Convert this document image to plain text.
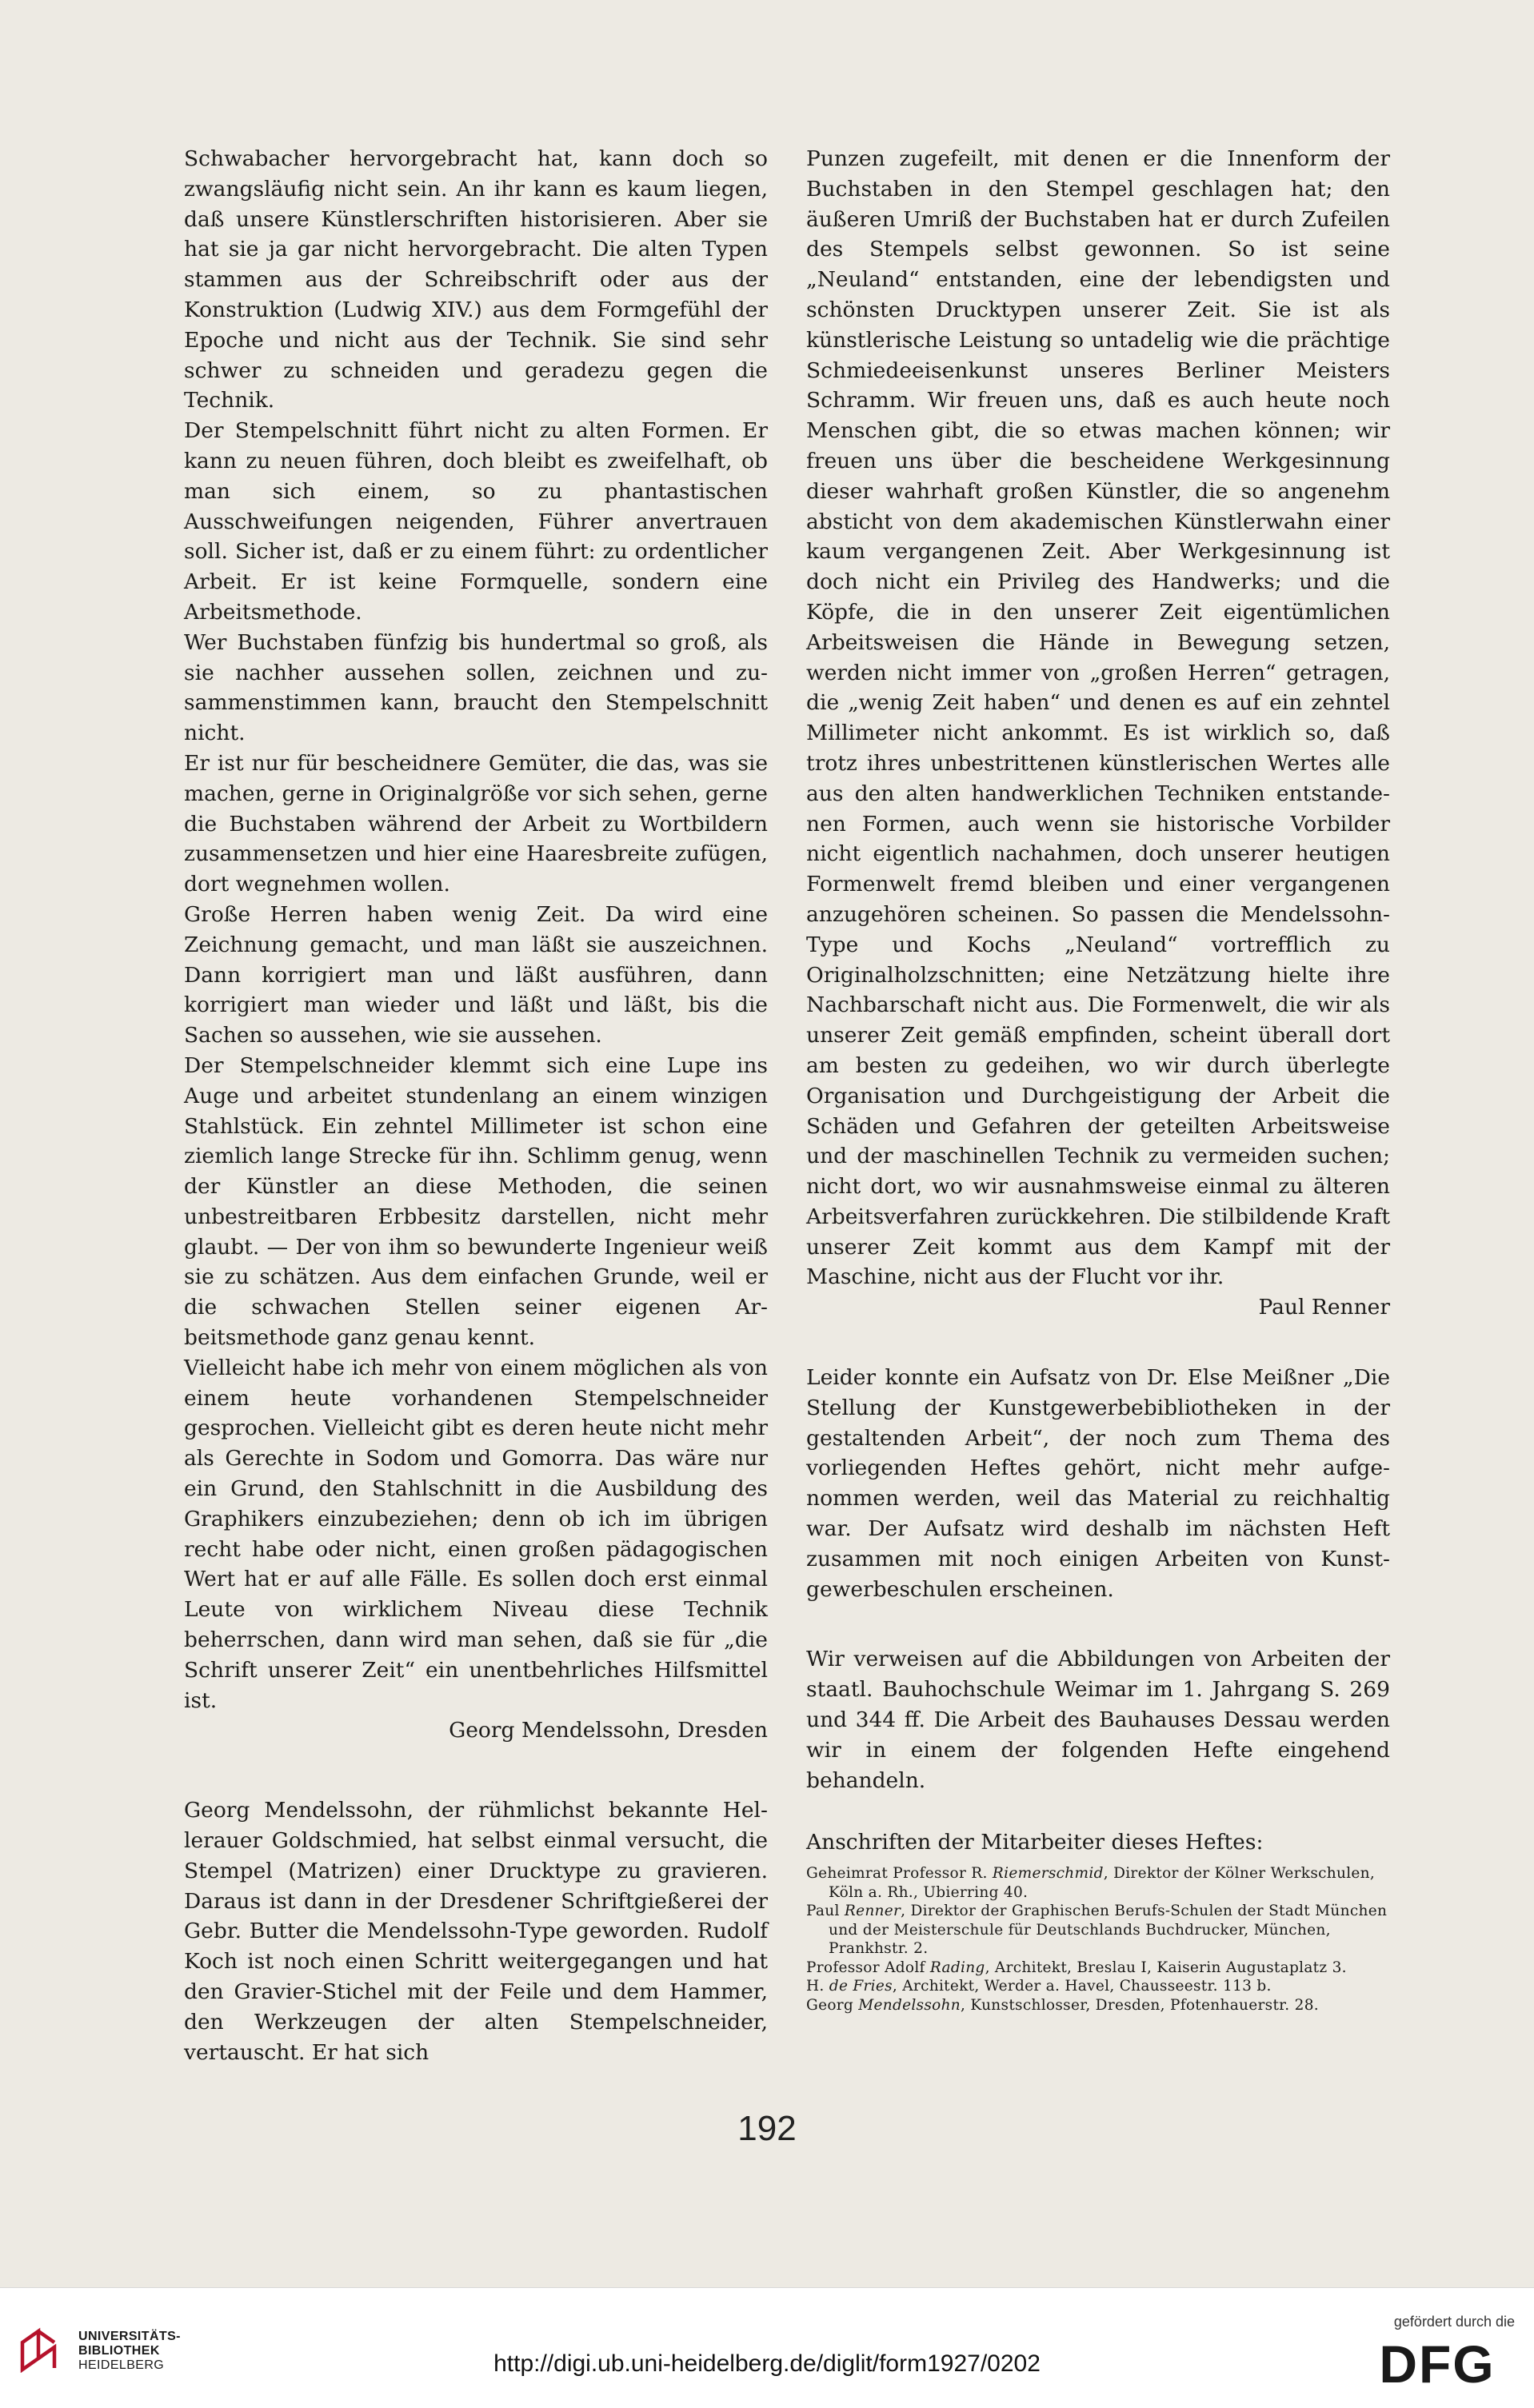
Schwabacher hervorgebracht hat, kann doch so zwangsläufig nicht sein. An ihr kann es kaum liegen, daß unsere Künstlerschriften historisieren. Aber sie hat sie ja gar nicht hervorgebracht. Die alten Typen stammen aus der Schreibschrift oder aus der Konstruktion (Ludwig XIV.) aus dem Formgefühl der Epoche und nicht aus der Technik. Sie sind sehr schwer zu schneiden und geradezu gegen die Technik.

Der Stempelschnitt führt nicht zu alten Formen. Er kann zu neuen führen, doch bleibt es zweifelhaft, ob man sich einem, so zu phantastischen Ausschweifungen neigenden, Führer anvertrauen soll. Sicher ist, daß er zu einem führt: zu ordentlicher Arbeit. Er ist keine Formquelle, sondern eine Arbeitsmethode.

Wer Buchstaben fünfzig bis hundertmal so groß, als sie nachher aussehen sollen, zeichnen und zusammenstimmen kann, braucht den Stempelschnitt nicht.

Er ist nur für bescheidnere Gemüter, die das, was sie machen, gerne in Originalgröße vor sich sehen, gerne die Buchstaben während der Arbeit zu Wortbildern zusammensetzen und hier eine Haaresbreite zufügen, dort wegnehmen wollen.

Große Herren haben wenig Zeit. Da wird eine Zeichnung gemacht, und man läßt sie auszeichnen. Dann korrigiert man und läßt ausführen, dann korrigiert man wieder und läßt und läßt, bis die Sachen so aussehen, wie sie aussehen.

Der Stempelschneider klemmt sich eine Lupe ins Auge und arbeitet stundenlang an einem winzigen Stahlstück. Ein zehntel Millimeter ist schon eine ziemlich lange Strecke für ihn. Schlimm genug, wenn der Künstler an diese Methoden, die seinen unbestreitbaren Erbbesitz darstellen, nicht mehr glaubt. — Der von ihm so bewunderte Ingenieur weiß sie zu schätzen. Aus dem einfachen Grunde, weil er die schwachen Stellen seiner eigenen Arbeitsmethode ganz genau kennt.

Vielleicht habe ich mehr von einem möglichen als von einem heute vorhandenen Stempelschneider gesprochen. Vielleicht gibt es deren heute nicht mehr als Gerechte in Sodom und Gomorra. Das wäre nur ein Grund, den Stahlschnitt in die Ausbildung des Graphikers einzubeziehen; denn ob ich im übrigen recht habe oder nicht, einen großen pädagogischen Wert hat er auf alle Fälle. Es sollen doch erst einmal Leute von wirklichem Niveau diese Technik beherrschen, dann wird man sehen, daß sie für „die Schrift unserer Zeit“ ein unentbehrliches Hilfsmittel ist.

Georg Mendelssohn, Dresden

Georg Mendelssohn, der rühmlichst bekannte Hellerauer Goldschmied, hat selbst einmal versucht, die Stempel (Matrizen) einer Drucktype zu gravieren. Daraus ist dann in der Dresdener Schriftgießerei der Gebr. Butter die Mendelssohn-Type geworden. Rudolf Koch ist noch einen Schritt weitergegangen und hat den Gravier-Stichel mit der Feile und dem Hammer, den Werkzeugen der alten Stempelschneider, vertauscht. Er hat sich

Punzen zugefeilt, mit denen er die Innenform der Buchstaben in den Stempel geschlagen hat; den äußeren Umriß der Buchstaben hat er durch Zufeilen des Stempels selbst gewonnen. So ist seine „Neuland“ entstanden, eine der lebendigsten und schönsten Drucktypen unserer Zeit. Sie ist als künstlerische Leistung so untadelig wie die prächtige Schmiedeeisenkunst unseres Berliner Meisters Schramm. Wir freuen uns, daß es auch heute noch Menschen gibt, die so etwas machen können; wir freuen uns über die bescheidene Werkgesinnung dieser wahrhaft großen Künstler, die so angenehm absticht von dem akademischen Künstlerwahn einer kaum vergangenen Zeit. Aber Werkgesinnung ist doch nicht ein Privileg des Handwerks; und die Köpfe, die in den unserer Zeit eigentümlichen Arbeitsweisen die Hände in Bewegung setzen, werden nicht immer von „großen Herren“ getragen, die „wenig Zeit haben“ und denen es auf ein zehntel Millimeter nicht ankommt. Es ist wirklich so, daß trotz ihres unbestrittenen künstlerischen Wertes alle aus den alten handwerklichen Techniken entstandenen Formen, auch wenn sie historische Vorbilder nicht eigentlich nachahmen, doch unserer heutigen Formenwelt fremd bleiben und einer vergangenen anzugehören scheinen. So passen die Mendelssohn-Type und Kochs „Neuland“ vortrefflich zu Originalholzschnitten; eine Netzätzung hielte ihre Nachbarschaft nicht aus. Die Formenwelt, die wir als unserer Zeit gemäß empfinden, scheint überall dort am besten zu gedeihen, wo wir durch überlegte Organisation und Durchgeistigung der Arbeit die Schäden und Gefahren der geteilten Arbeitsweise und der maschinellen Technik zu vermeiden suchen; nicht dort, wo wir ausnahmsweise einmal zu älteren Arbeitsverfahren zurückkehren. Die stilbildende Kraft unserer Zeit kommt aus dem Kampf mit der Maschine, nicht aus der Flucht vor ihr.

Paul Renner

Leider konnte ein Aufsatz von Dr. Else Meißner „Die Stellung der Kunstgewerbebibliotheken in der gestaltenden Arbeit“, der noch zum Thema des vorliegenden Heftes gehört, nicht mehr aufgenommen werden, weil das Material zu reichhaltig war. Der Aufsatz wird deshalb im nächsten Heft zusammen mit noch einigen Arbeiten von Kunstgewerbeschulen erscheinen.

Wir verweisen auf die Abbildungen von Arbeiten der staatl. Bauhochschule Weimar im 1. Jahrgang S. 269 und 344 ff. Die Arbeit des Bauhauses Dessau werden wir in einem der folgenden Hefte eingehend behandeln.

Anschriften der Mitarbeiter dieses Heftes:

Geheimrat Professor R. Riemerschmid, Direktor der Kölner Werkschulen, Köln a. Rh., Ubierring 40.
Paul Renner, Direktor der Graphischen Berufs-Schulen der Stadt München und der Meisterschule für Deutschlands Buchdrucker, München, Prankhstr. 2.
Professor Adolf Rading, Architekt, Breslau I, Kaiserin Augustaplatz 3.
H. de Fries, Architekt, Werder a. Havel, Chausseestr. 113 b.
Georg Mendelssohn, Kunstschlosser, Dresden, Pfotenhauerstr. 28.
192
UNIVERSITÄTS-
BIBLIOTHEK
HEIDELBERG	http://digi.ub.uni-heidelberg.de/diglit/form1927/0202
gefördert durch die
DFG
